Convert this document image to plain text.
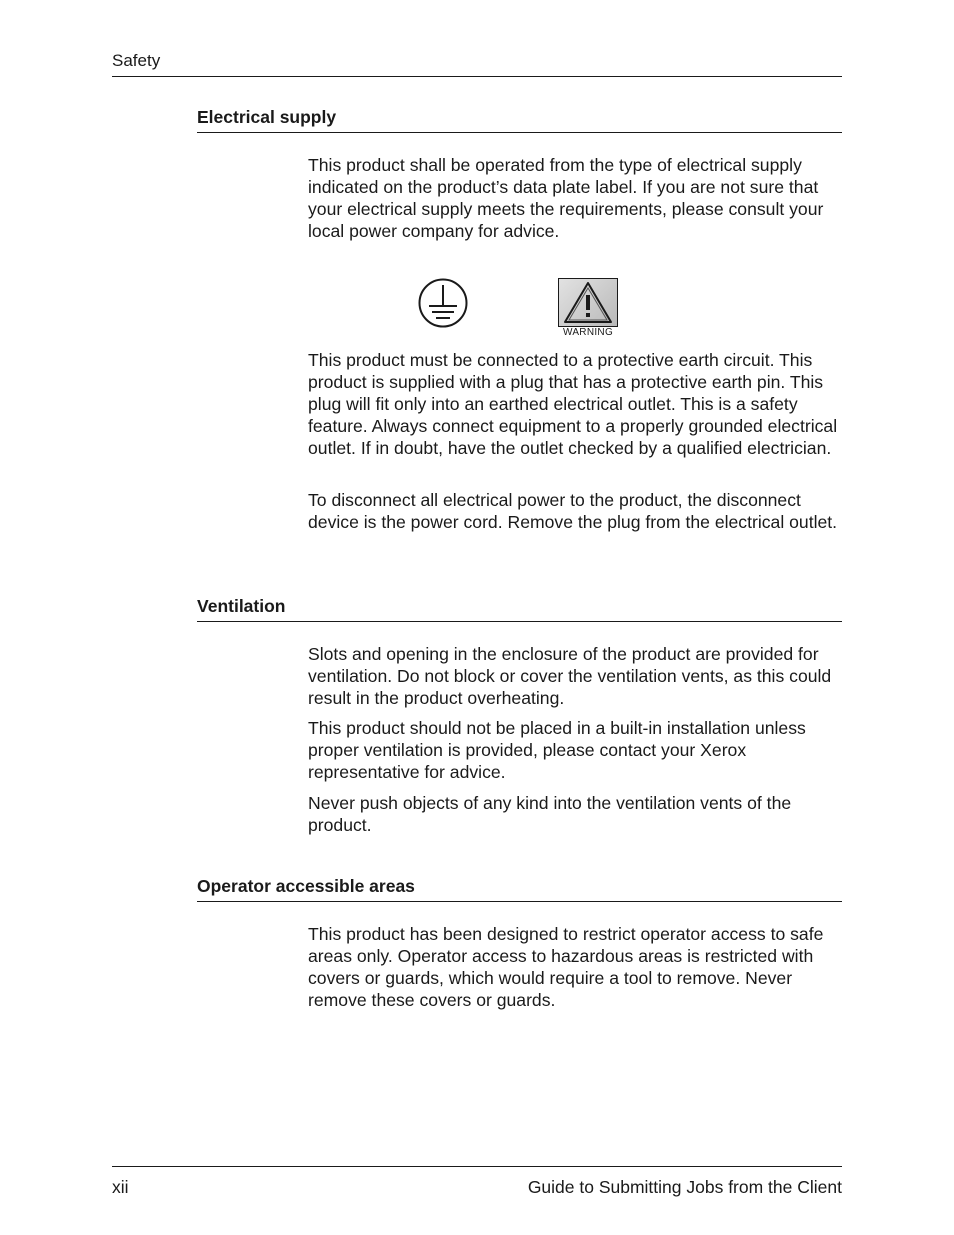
Safety
Electrical supply

This product shall be operated from the type of electrical supply indicated on the product’s data plate label. If you are not sure that your electrical supply meets the requirements, please consult your local power company for advice.

WARNING

This product must be connected to a protective earth circuit. This product is supplied with a plug that has a protective earth pin. This plug will fit only into an earthed electrical outlet. This is a safety feature. Always connect equipment to a properly grounded electrical outlet. If in doubt, have the outlet checked by a qualified electrician.

To disconnect all electrical power to the product, the disconnect device is the power cord. Remove the plug from the electrical outlet.

Ventilation

Slots and opening in the enclosure of the product are provided for ventilation. Do not block or cover the ventilation vents, as this could result in the product overheating.

This product should not be placed in a built-in installation unless proper ventilation is provided, please contact your Xerox representative for advice.

Never push objects of any kind into the ventilation vents of the product.

Operator accessible areas

This product has been designed to restrict operator access to safe areas only. Operator access to hazardous areas is restricted with covers or guards, which would require a tool to remove. Never remove these covers or guards.

xii	Guide to Submitting Jobs from the Client
